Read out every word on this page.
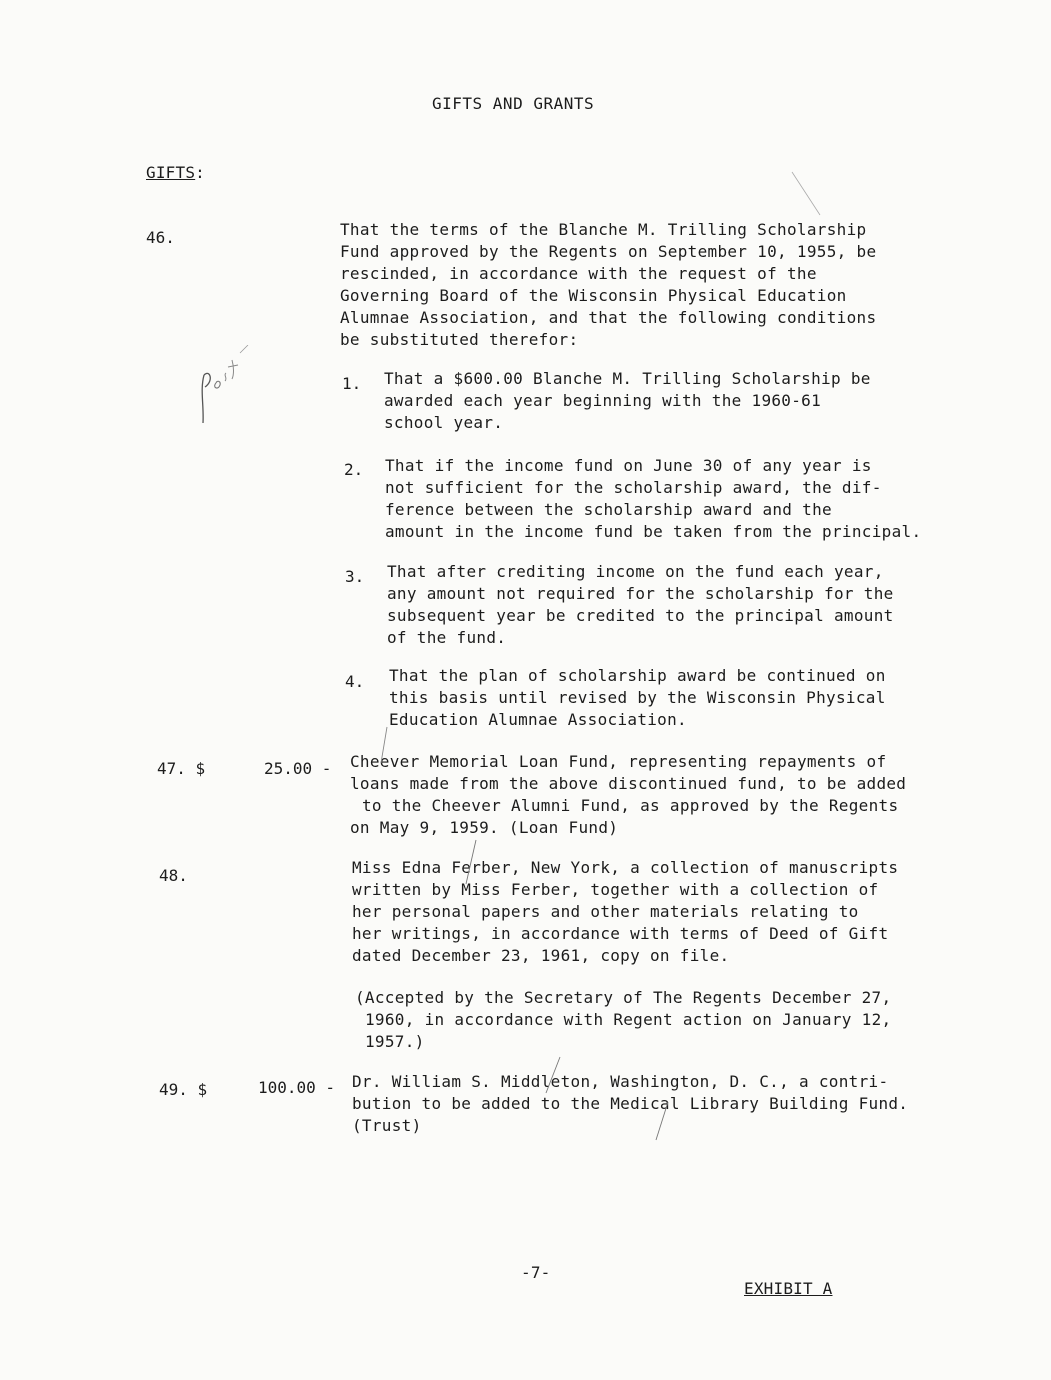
GIFTS AND GRANTS
GIFTS:
46.	That the terms of the Blanche M. Trilling Scholarship
Fund approved by the Regents on September 10, 1955, be
rescinded, in accordance with the request of the
Governing Board of the Wisconsin Physical Education
Alumnae Association, and that the following conditions
be substituted therefor:
1. That a $600.00 Blanche M. Trilling Scholarship be
awarded each year beginning with the 1960-61
school year.
2. That if the income fund on June 30 of any year is
not sufficient for the scholarship award, the dif-
ference between the scholarship award and the
amount in the income fund be taken from the principal.
3. That after crediting income on the fund each year,
any amount not required for the scholarship for the
subsequent year be credited to the principal amount
of the fund.
4. That the plan of scholarship award be continued on
this basis until revised by the Wisconsin Physical
Education Alumnae Association.
47. $	25.00 - Cheever Memorial Loan Fund, representing repayments of
loans made from the above discontinued fund, to be added
to the Cheever Alumni Fund, as approved by the Regents
on May 9, 1959. (Loan Fund)
48.	Miss Edna Ferber, New York, a collection of manuscripts
written by Miss Ferber, together with a collection of
her personal papers and other materials relating to
her writings, in accordance with terms of Deed of Gift
dated December 23, 1961, copy on file.
(Accepted by the Secretary of The Regents December 27,
1960, in accordance with Regent action on January 12,
1957.)
49. $	100.00 - Dr. William S. Middleton, Washington, D. C., a contri-
bution to be added to the Medical Library Building Fund.
(Trust)
-7-
EXHIBIT A
